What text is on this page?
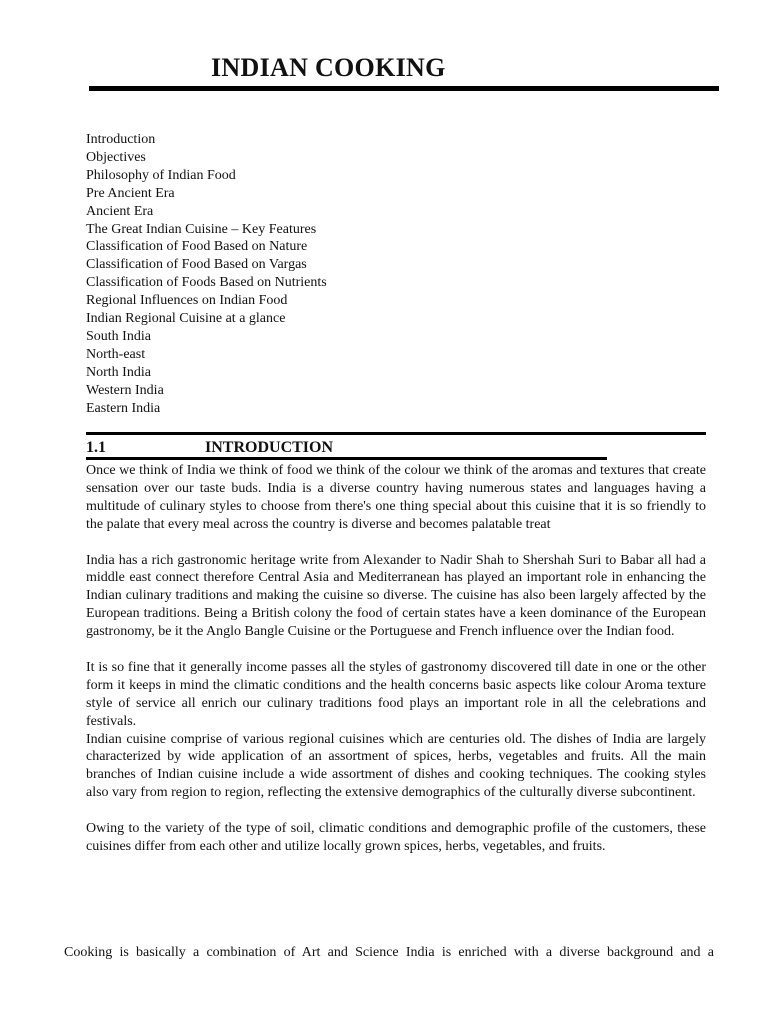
INDIAN COOKING
Introduction
Objectives
Philosophy of Indian Food
Pre Ancient Era
Ancient Era
The Great Indian Cuisine – Key Features
Classification of Food Based on Nature
Classification of Food Based on Vargas
Classification of Foods Based on Nutrients
Regional Influences on Indian Food
Indian Regional Cuisine at a glance
South India
North-east
North India
Western India
Eastern India
1.1	INTRODUCTION

Once we think of India we think of food we think of the colour we think of the aromas and textures that create sensation over our taste buds. India is a diverse country having numerous states and languages having a multitude of culinary styles to choose from there's one thing special about this cuisine that it is so friendly to the palate that every meal across the country is diverse and becomes palatable treat

India has a rich gastronomic heritage write from Alexander to Nadir Shah to Shershah Suri to Babar all had a middle east connect therefore Central Asia and Mediterranean has played an important role in enhancing the Indian culinary traditions and making the cuisine so diverse. The cuisine has also been largely affected by the European traditions. Being a British colony the food of certain states have a keen dominance of the European gastronomy, be it the Anglo Bangle Cuisine or the Portuguese and French influence over the Indian food.

It is so fine that it generally income passes all the styles of gastronomy discovered till date in one or the other form it keeps in mind the climatic conditions and the health concerns basic aspects like colour Aroma texture style of service all enrich our culinary traditions food plays an important role in all the celebrations and festivals.

Indian cuisine comprise of various regional cuisines which are centuries old. The dishes of India are largely characterized by wide application of an assortment of spices, herbs, vegetables and fruits. All the main branches of Indian cuisine include a wide assortment of dishes and cooking techniques. The cooking styles also vary from region to region, reflecting the extensive demographics of the culturally diverse subcontinent.

Owing to the variety of the type of soil, climatic conditions and demographic profile of the customers, these cuisines differ from each other and utilize locally grown spices, herbs, vegetables, and fruits.

Cooking is basically a combination of Art and Science India is enriched with a diverse background and a
